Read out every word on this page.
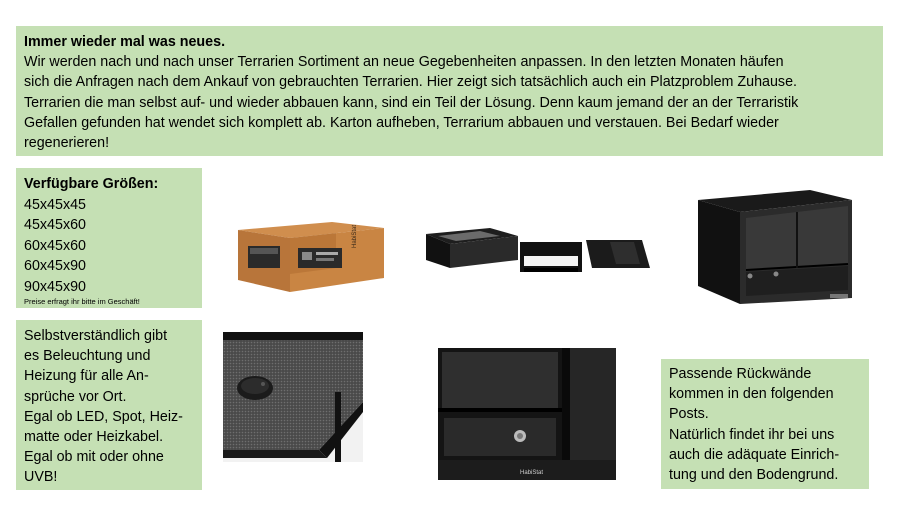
Immer wieder mal was neues.
Wir werden nach und nach unser Terrarien Sortiment an neue Gegebenheiten anpassen. In den letzten Monaten häufen
sich die Anfragen nach dem Ankauf von gebrauchten Terrarien. Hier zeigt sich tatsächlich auch ein Platzproblem Zuhause.
Terrarien die man selbst auf- und wieder abbauen kann, sind ein Teil der Lösung. Denn kaum jemand der an der Terraristik
Gefallen gefunden hat wendet sich komplett ab. Karton aufheben, Terrarium abbauen und verstauen. Bei Bedarf wieder
regenerieren!
Verfügbare Größen:
45x45x45
45x45x60
60x45x60
60x45x90
90x45x90
Preise erfragt ihr bitte im Geschäft!
Selbstverständlich gibt
es Beleuchtung und
Heizung für alle An-
sprüche vor Ort.
Egal ob LED, Spot, Heiz-
matte oder Heizkabel.
Egal ob mit oder ohne
UVB!
Passende Rückwände
kommen in den folgenden
Posts.
Natürlich findet ihr bei uns
auch die adäquate Einrich-
tung und den Bodengrund.
HabiStat
HabiStat
